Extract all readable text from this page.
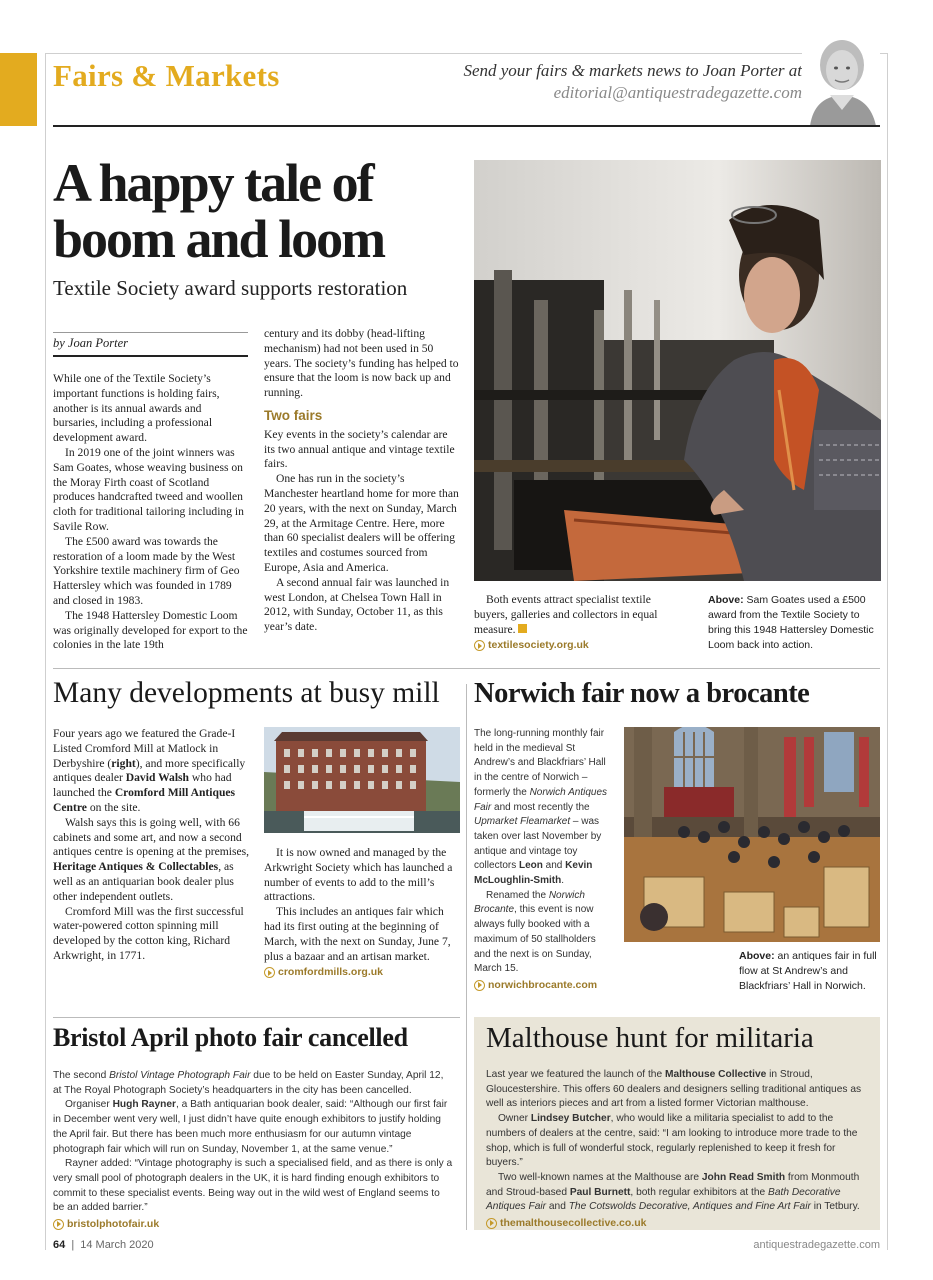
Fairs & Markets	Send your fairs & markets news to Joan Porter at
editorial@antiquestradegazette.com
A happy tale of
boom and loom
Textile Society award supports restoration
by Joan Porter

While one of the Textile Society’s important functions is holding fairs, another is its annual awards and bursaries, including a professional development award.

In 2019 one of the joint winners was Sam Goates, whose weaving business on the Moray Firth coast of Scotland produces handcrafted tweed and woollen cloth for traditional tailoring including in Savile Row.

The £500 award was towards the restoration of a loom made by the West Yorkshire textile machinery firm of Geo Hattersley which was founded in 1789 and closed in 1983.

The 1948 Hattersley Domestic Loom was originally developed for export to the colonies in the late 19th

century and its dobby (head-lifting mechanism) had not been used in 50 years. The society’s funding has helped to ensure that the loom is now back up and running.

Two fairs

Key events in the society’s calendar are its two annual antique and vintage textile fairs.

One has run in the society’s Manchester heartland home for more than 20 years, with the next on Sunday, March 29, at the Armitage Centre. Here, more than 60 specialist dealers will be offering textiles and costumes sourced from Europe, Asia and America.

A second annual fair was launched in west London, at Chelsea Town Hall in 2012, with Sunday, October 11, as this year’s date.

Both events attract specialist textile buyers, galleries and collectors in equal measure.

textilesociety.org.uk
Above: Sam Goates used a £500 award from the Textile Society to bring this 1948 Hattersley Domestic Loom back into action.
Many developments at busy mill

Four years ago we featured the Grade-I Listed Cromford Mill at Matlock in Derbyshire (right), and more specifically antiques dealer David Walsh who had launched the Cromford Mill Antiques Centre on the site.

Walsh says this is going well, with 66 cabinets and some art, and now a second antiques centre is opening at the premises, Heritage Antiques & Collectables, as well as an antiquarian book dealer plus other independent outlets.

Cromford Mill was the first successful water-powered cotton spinning mill developed by the cotton king, Richard Arkwright, in 1771.

It is now owned and managed by the Arkwright Society which has launched a number of events to add to the mill’s attractions.

This includes an antiques fair which had its first outing at the beginning of March, with the next on Sunday, June 7, plus a bazaar and an artisan market.

cromfordmills.org.uk
Norwich fair now a brocante

The long-running monthly fair held in the medieval St Andrew’s and Blackfriars’ Hall in the centre of Norwich – formerly the Norwich Antiques Fair and most recently the Upmarket Fleamarket – was taken over last November by antique and vintage toy collectors Leon and Kevin McLoughlin-Smith.

Renamed the Norwich Brocante, this event is now always fully booked with a maximum of 50 stallholders and the next is on Sunday, March 15.

norwichbrocante.com
Above: an antiques fair in full flow at St Andrew’s and Blackfriars’ Hall in Norwich.
Bristol April photo fair cancelled

The second Bristol Vintage Photograph Fair due to be held on Easter Sunday, April 12, at The Royal Photograph Society’s headquarters in the city has been cancelled.

Organiser Hugh Rayner, a Bath antiquarian book dealer, said: “Although our first fair in December went very well, I just didn’t have quite enough exhibitors to justify holding the April fair. But there has been much more enthusiasm for our autumn vintage photograph fair which will run on Sunday, November 1, at the same venue.”

Rayner added: “Vintage photography is such a specialised field, and as there is only a very small pool of photograph dealers in the UK, it is hard finding enough exhibitors to commit to these specialist events. Being way out in the wild west of England seems to be an added barrier.”

bristolphotofair.uk
Malthouse hunt for militaria

Last year we featured the launch of the Malthouse Collective in Stroud, Gloucestershire. This offers 60 dealers and designers selling traditional antiques as well as interiors pieces and art from a listed former Victorian malthouse.

Owner Lindsey Butcher, who would like a militaria specialist to add to the numbers of dealers at the centre, said: “I am looking to introduce more trade to the shop, which is full of wonderful stock, regularly replenished to keep it fresh for buyers.”

Two well-known names at the Malthouse are John Read Smith from Monmouth and Stroud-based Paul Burnett, both regular exhibitors at the Bath Decorative Antiques Fair and The Cotswolds Decorative, Antiques and Fine Art Fair in Tetbury.

themalthousecollective.co.uk
64 | 14 March 2020	antiquestradegazette.com
